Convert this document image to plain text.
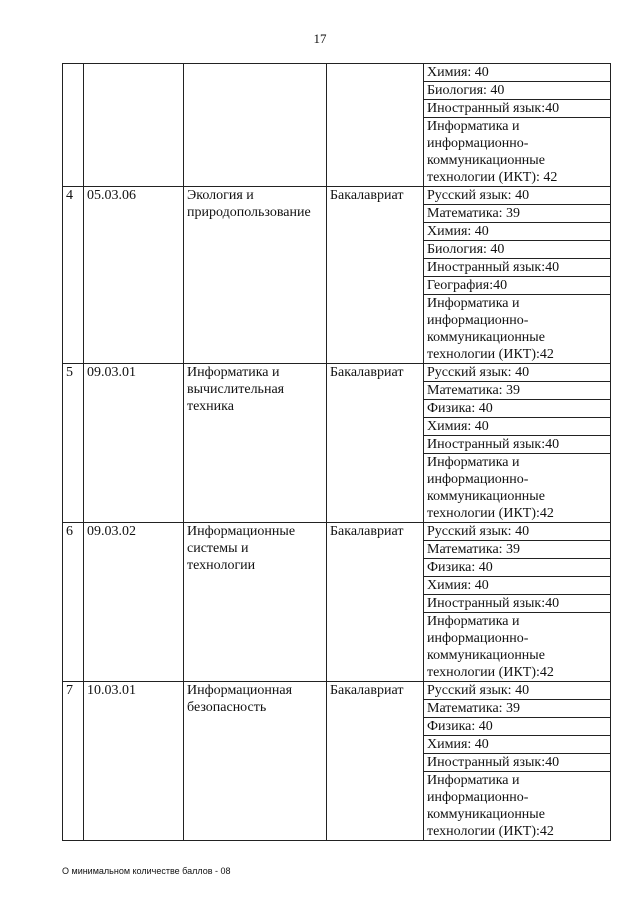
17
				Химия: 40
				Биология: 40
				Иностранный язык:40
				Информатика и
информационно-
коммуникационные
технологии (ИКТ): 42
4	05.03.06	Экология и
природопользование	Бакалавриат	Русский язык: 40
				Математика: 39
				Химия: 40
				Биология: 40
				Иностранный язык:40
				География:40
				Информатика и
информационно-
коммуникационные
технологии (ИКТ):42
5	09.03.01	Информатика и
вычислительная
техника	Бакалавриат	Русский язык: 40
				Математика: 39
				Физика: 40
				Химия: 40
				Иностранный язык:40
				Информатика и
информационно-
коммуникационные
технологии (ИКТ):42
6	09.03.02	Информационные
системы и
технологии	Бакалавриат	Русский язык: 40
				Математика: 39
				Физика: 40
				Химия: 40
				Иностранный язык:40
				Информатика и
информационно-
коммуникационные
технологии (ИКТ):42
7	10.03.01	Информационная
безопасность	Бакалавриат	Русский язык: 40
				Математика: 39
				Физика: 40
				Химия: 40
				Иностранный язык:40
				Информатика и
информационно-
коммуникационные
технологии (ИКТ):42
О минимальном количестве баллов - 08
